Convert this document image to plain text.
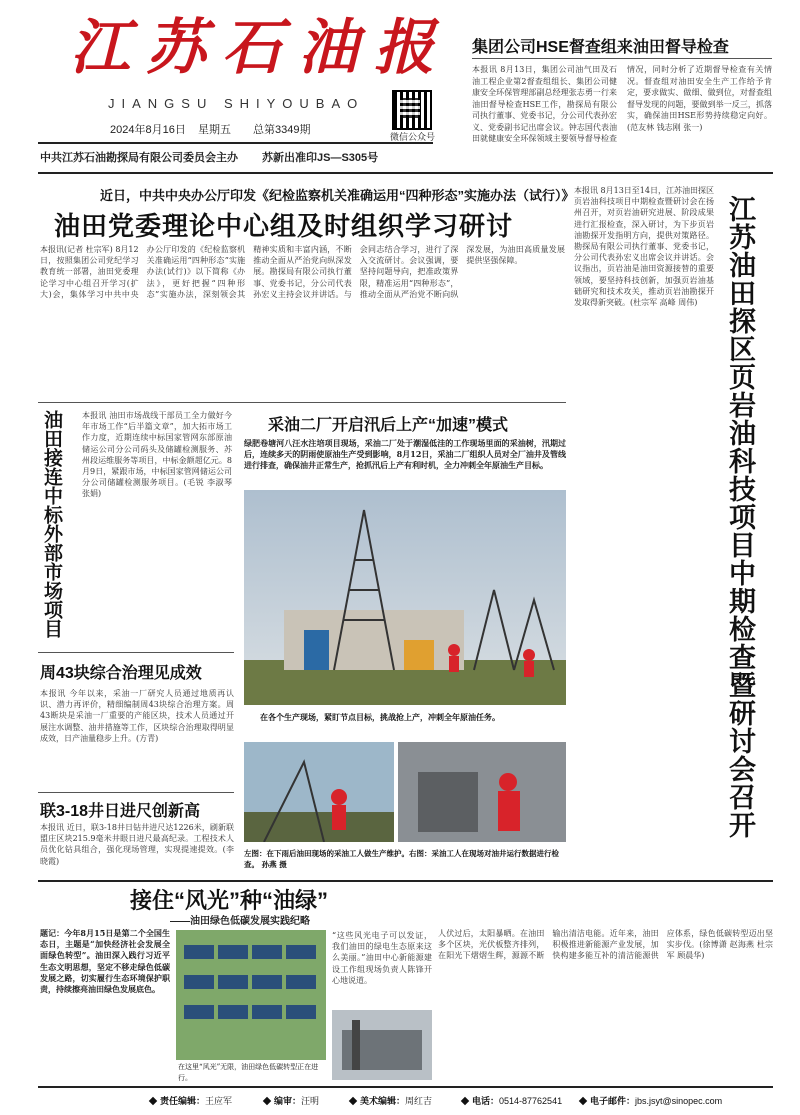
江苏石油报
JIANGSU SHIYOUBAO
2024年8月16日 星期五 总第3349期
微信公众号
中共江苏石油勘探局有限公司委员会主办 苏新出准印JS—S305号
集团公司HSE督查组来油田督导检查
本报讯 8月13日，集团公司油气田及石油工程企业第2督查组组长、集团公司健康安全环保管理部副总经理张志勇一行来油田督导检查HSE工作，勘探局有限公司执行董事、党委书记，分公司代表孙宏义、党委副书记出席会议。钟志国代表油田就健康安全环保领域主要领导督导检查情况，同时分析了近期督导检查有关情况。督查组对油田安全生产工作给予肯定，要求做实、做细、做到位，对督查组督导发现的问题，要做到举一反三，抓落实，确保油田HSE形势持续稳定向好。(范友林 钱志刚 张一)
近日，中共中央办公厅印发《纪检监察机关准确运用“四种形态”实施办法（试行）》
油田党委理论中心组及时组织学习研讨
本报讯(记者 杜宗军) 8月12日，按照集团公司党纪学习教育统一部署，油田党委理论学习中心组召开学习(扩大)会，集体学习中共中央办公厅印发的《纪检监察机关准确运用“四种形态”实施办法(试行)》以下简称《办法》，更好把握“四种形态”实施办法，深刻领会其精神实质和丰富内涵，不断推动全面从严治党向纵深发展。勘探局有限公司执行董事、党委书记，分公司代表孙宏义主持会议并讲话。与会同志结合学习，进行了深入交流研讨。会议强调，要坚持问题导向，把准政策界限，精准运用“四种形态”，推动全面从严治党不断向纵深发展，为油田高质量发展提供坚强保障。
油田接连中标外部市场项目	本报讯 油田市场战线干部员工全力做好今年市场工作“后半篇文章”，加大拓市场工作力度，近期连续中标国家管网东部原油储运公司分公司码头及储罐检测服务、苏州段运维服务等项目，中标金额超亿元。8月9日，紧跟市场，中标国家管网储运公司分公司储罐检测服务项目。(毛锐 李淑琴 张娟)
采油二厂开启汛后上产“加速”模式
绿肥卷塘河八汪水注培项目现场，采油二厂处于潮湿低洼的工作现场里面的采油树，汛期过后，连续多天的阴雨使原油生产受到影响，8月12日，采油二厂组织人员对全厂油井及管线进行排查，确保油井正常生产，抢抓汛后上产有利时机，全力冲刺全年原油生产目标。
在各个生产现场，紧盯节点目标，挑战抢上产，冲刺全年原油任务。
周43块综合治理见成效
本报讯 今年以来，采油一厂研究人员通过地质再认识、潜力再评价，精细编制周43块综合治理方案。周43断块是采油一厂重要的产能区块，技术人员通过开展注水调整、油井措施等工作，区块综合治理取得明显成效，日产油量稳步上升。(方青)
联3-18井日进尺创新高
本报讯 近日，联3-18井日钻井进尺达1226米，刷新联盟庄区块215.9毫米井眼日进尺最高纪录。工程技术人员优化钻具组合，强化现场管理，实现提速提效。(李晓霞)
左图：在下雨后油田现场的采油工人做生产维护。右图：采油工人在现场对油井运行数据进行检查。 孙燕 摄
本报讯 8月13日至14日，江苏油田探区页岩油科技项目中期检查暨研讨会在扬州召开，对页岩油研究进展、阶段成果进行汇报检查，深入研讨，为下步页岩油勘探开发指明方向，提供对策路径。勘探局有限公司执行董事、党委书记，分公司代表孙宏义出席会议并讲话。会议指出，页岩油是油田资源接替的重要领域，要坚持科技创新，加强页岩油基础研究和技术攻关，推动页岩油勘探开发取得新突破。(杜宗军 高峰 周伟)	江苏油田探区页岩油科技项目中期检查暨研讨会召开
接住“风光”种“油绿”
——油田绿色低碳发展实践纪略
题记：今年8月15日是第二个全国生态日，主题是“加快经济社会发展全面绿色转型”。油田深入践行习近平生态文明思想，坚定不移走绿色低碳发展之路，切实履行生态环境保护职责，持续擦亮油田绿色发展底色。
在这里“风光”无限，油田绿色低碳转型正在进行。
“这些风光电子可以发证，我们油田的绿电生态原来这么美丽。”油田中心新能源建设工作组现场负责人陈锋开心地说道。
人伏过后，太阳暴晒。在油田多个区块，光伏板整齐排列，在阳光下熠熠生辉，源源不断输出清洁电能。近年来，油田积极推进新能源产业发展，加快构建多能互补的清洁能源供应体系，绿色低碳转型迈出坚实步伐。(徐博潇 赵海燕 杜宗军 顾晨华)
责任编辑：王应军	编审：汪明	美术编辑：周红吉	电话：0514-87762541	电子邮件：jbs.jsyt@sinopec.com
